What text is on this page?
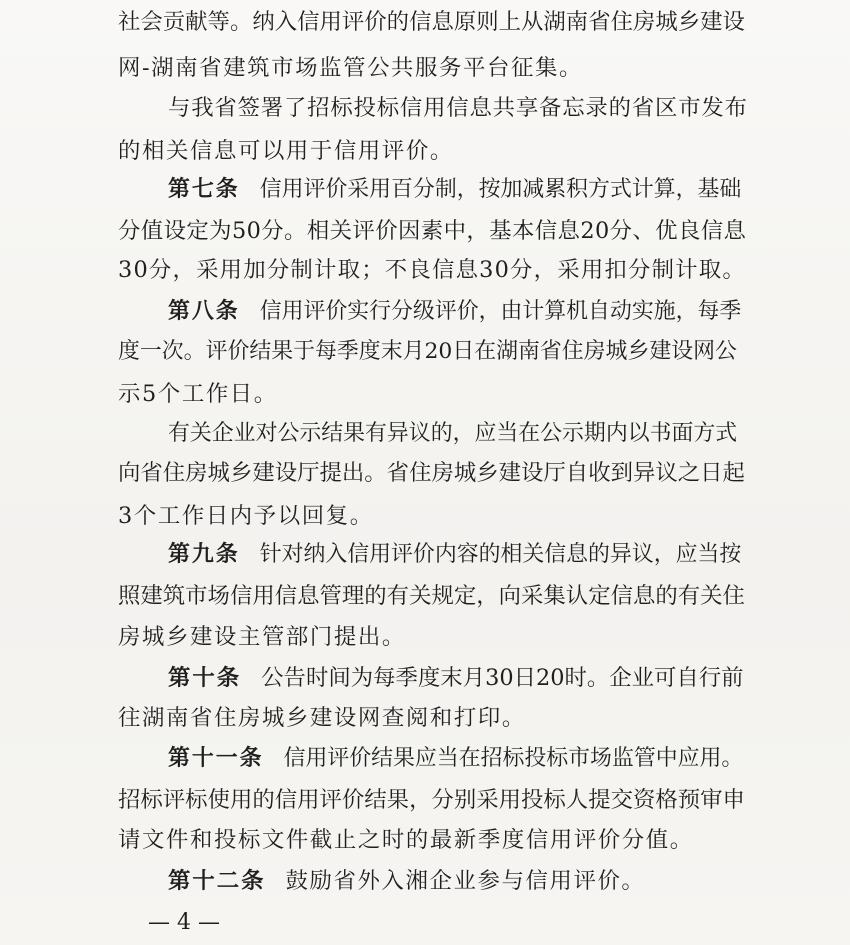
社会贡献等。纳入信用评价的信息原则上从湖南省住房城乡建设
网-湖南省建筑市场监管公共服务平台征集。
与我省签署了招标投标信用信息共享备忘录的省区市发布
的相关信息可以用于信用评价。
第七条 信用评价采用百分制，按加减累积方式计算，基础
分值设定为50分。相关评价因素中，基本信息20分、优良信息
30分，采用加分制计取；不良信息30分，采用扣分制计取。
第八条 信用评价实行分级评价，由计算机自动实施，每季
度一次。评价结果于每季度末月20日在湖南省住房城乡建设网公
示5个工作日。
有关企业对公示结果有异议的，应当在公示期内以书面方式
向省住房城乡建设厅提出。省住房城乡建设厅自收到异议之日起
3个工作日内予以回复。
第九条 针对纳入信用评价内容的相关信息的异议，应当按
照建筑市场信用信息管理的有关规定，向采集认定信息的有关住
房城乡建设主管部门提出。
第十条 公告时间为每季度末月30日20时。企业可自行前
往湖南省住房城乡建设网查阅和打印。
第十一条 信用评价结果应当在招标投标市场监管中应用。
招标评标使用的信用评价结果，分别采用投标人提交资格预审申
请文件和投标文件截止之时的最新季度信用评价分值。
第十二条 鼓励省外入湘企业参与信用评价。
— 4 —
